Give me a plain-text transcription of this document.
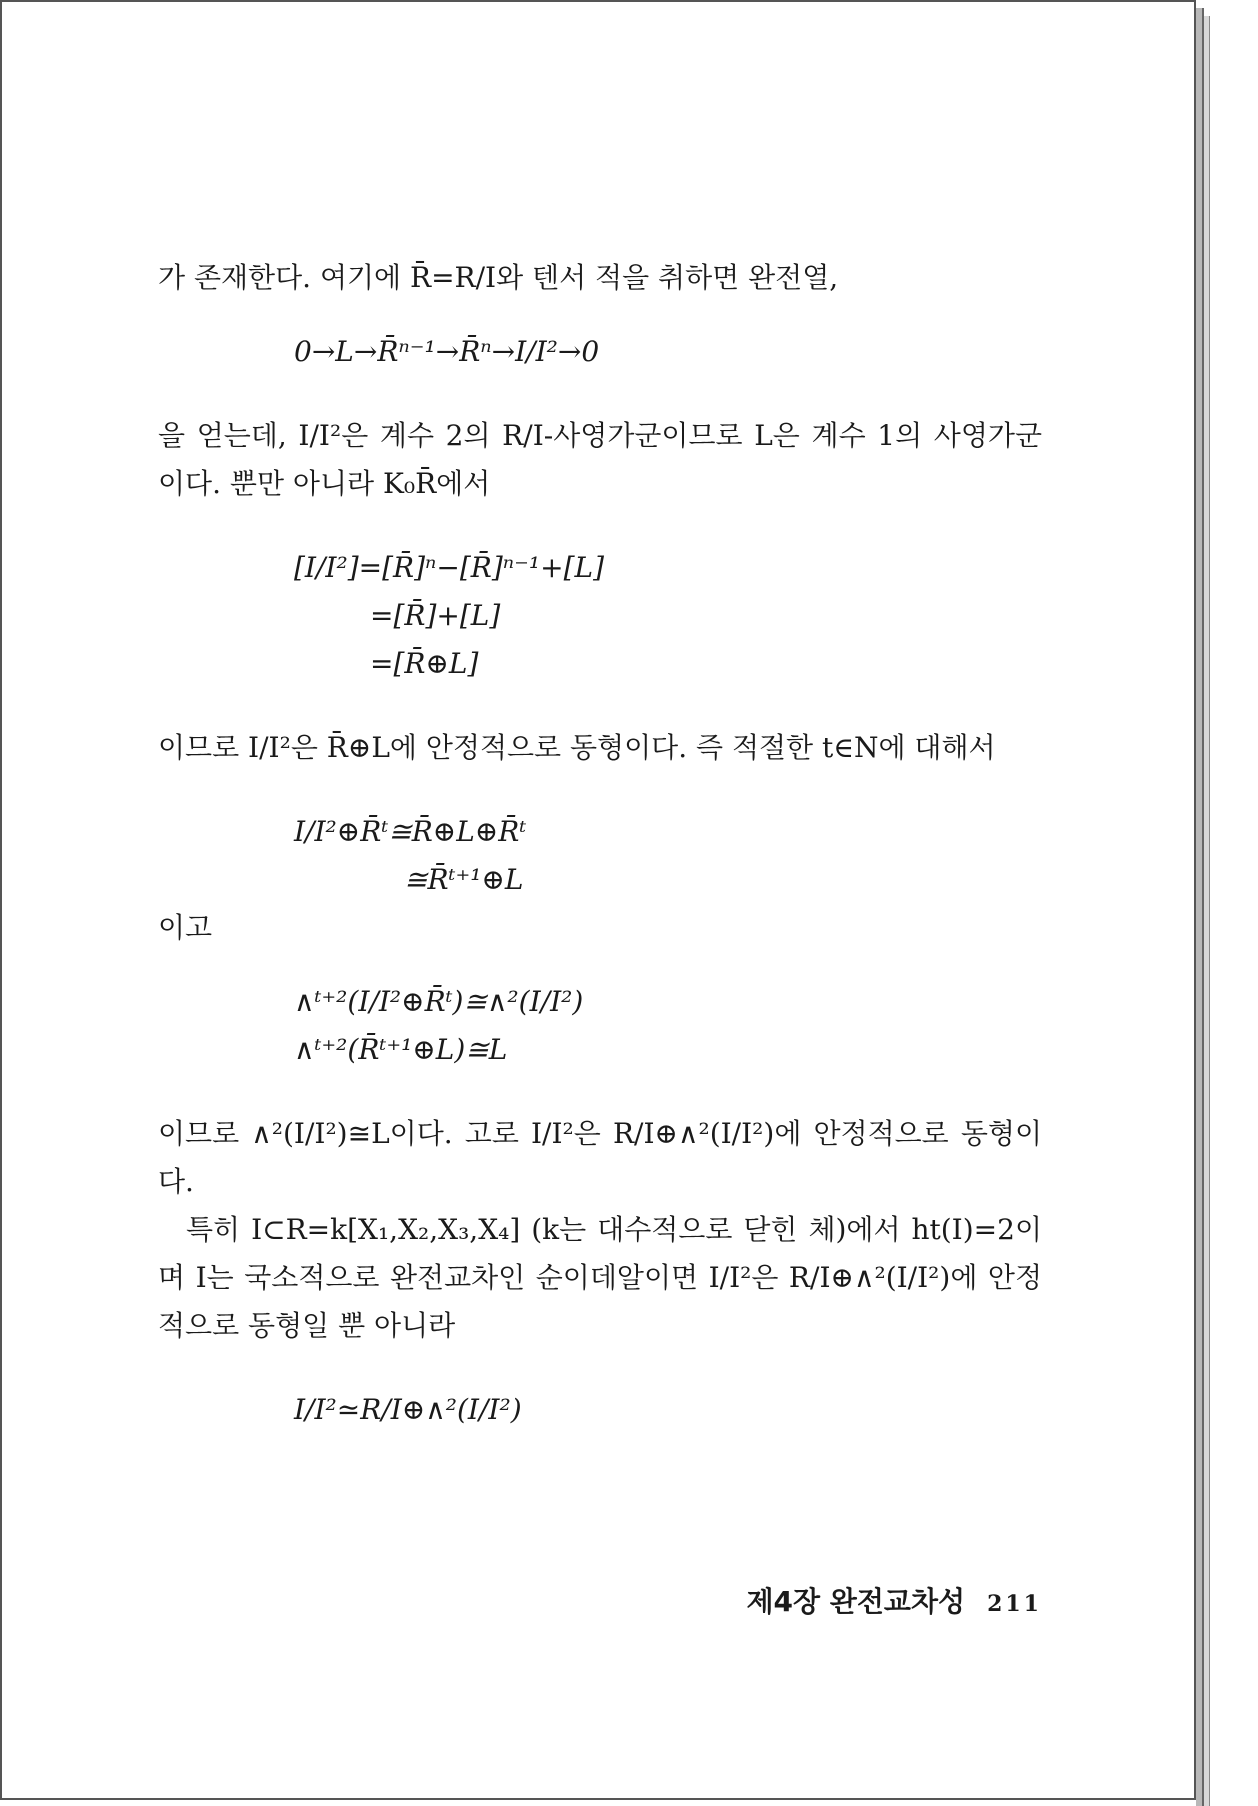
가 존재한다. 여기에 R̄=R/I와 텐서 적을 취하면 완전열,

0→L→R̄ⁿ⁻¹→R̄ⁿ→I/I²→0

을 얻는데, I/I²은 계수 2의 R/I-사영가군이므로 L은 계수 1의 사영가군이다. 뿐만 아니라 K₀R̄에서

[I/I²]=[R̄]ⁿ−[R̄]ⁿ⁻¹+[L]
=[R̄]+[L]
=[R̄⊕L]

이므로 I/I²은 R̄⊕L에 안정적으로 동형이다. 즉 적절한 t∈N에 대해서

I/I²⊕R̄ᵗ≅R̄⊕L⊕R̄ᵗ
≅R̄ᵗ⁺¹⊕L

이고

∧ᵗ⁺²(I/I²⊕R̄ᵗ)≅∧²(I/I²)
∧ᵗ⁺²(R̄ᵗ⁺¹⊕L)≅L

이므로 ∧²(I/I²)≅L이다. 고로 I/I²은 R/I⊕∧²(I/I²)에 안정적으로 동형이다.

특히 I⊂R=k[X₁,X₂,X₃,X₄] (k는 대수적으로 닫힌 체)에서 ht(I)=2이며 I는 국소적으로 완전교차인 순이데알이면 I/I²은 R/I⊕∧²(I/I²)에 안정적으로 동형일 뿐 아니라

I/I²≃R/I⊕∧²(I/I²)
제4장 완전교차성 211
